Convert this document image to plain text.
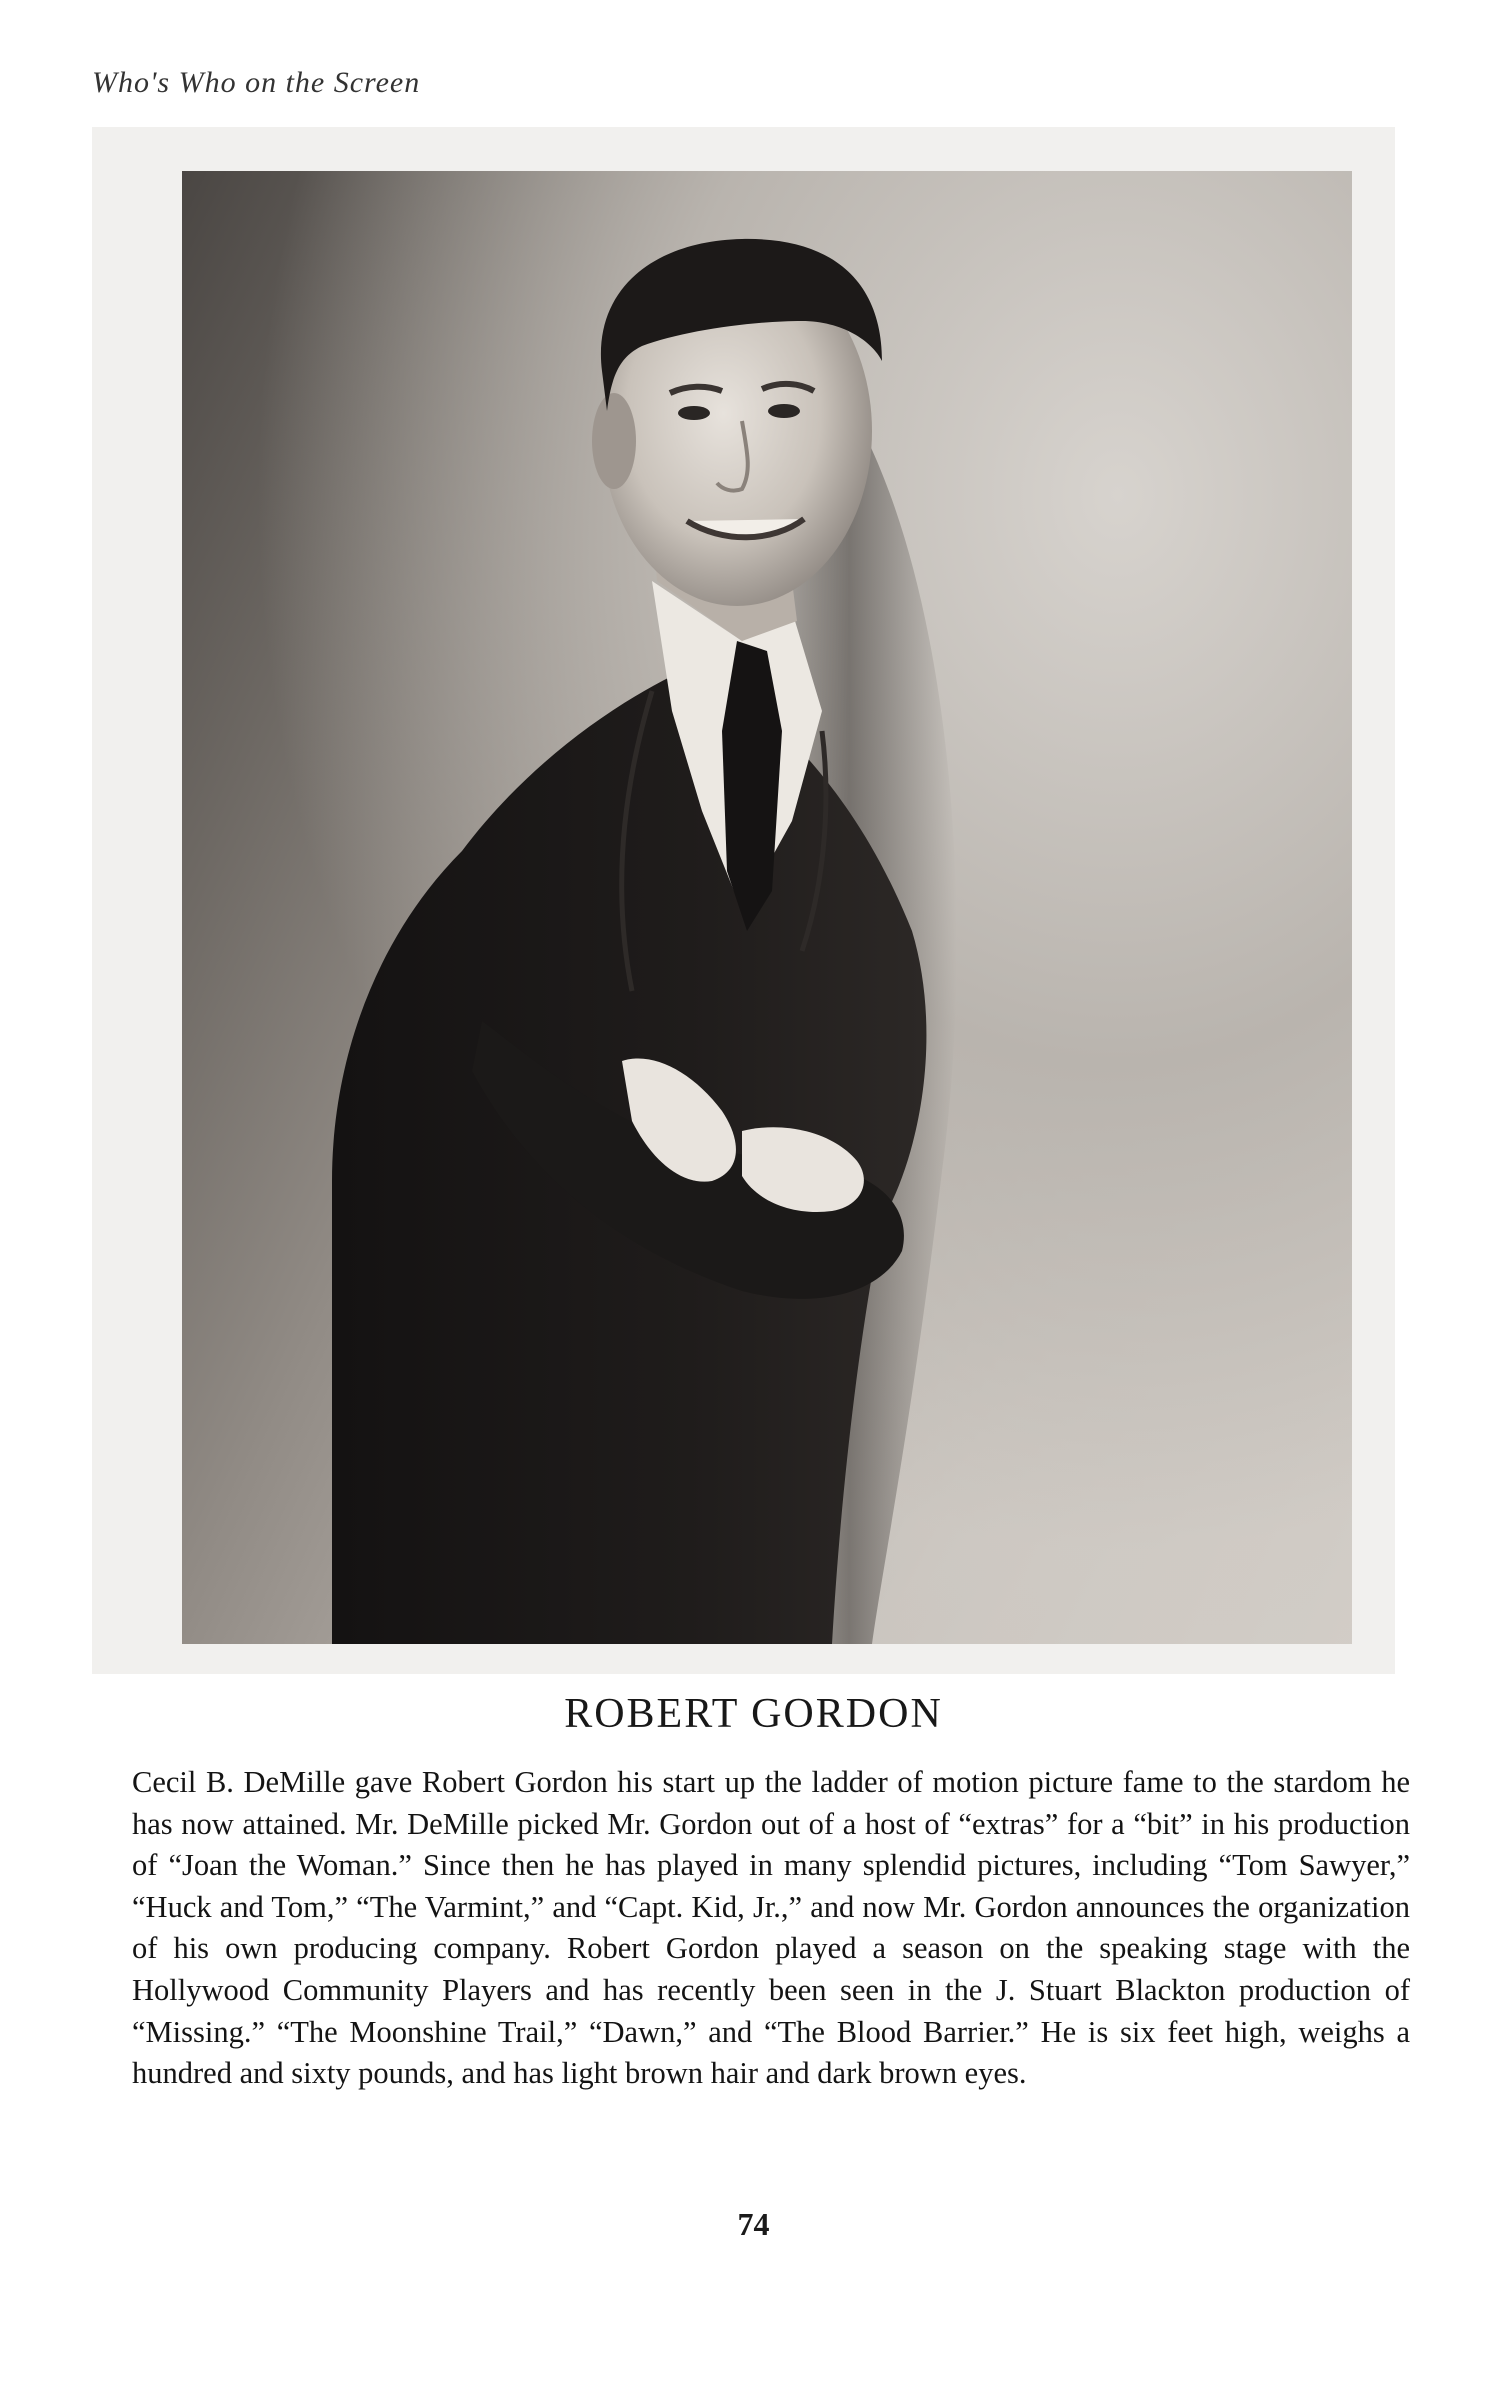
Who's Who on the Screen

ROBERT GORDON

Cecil B. DeMille gave Robert Gordon his start up the ladder of motion picture fame to the stardom he has now attained. Mr. DeMille picked Mr. Gordon out of a host of “extras” for a “bit” in his production of “Joan the Woman.” Since then he has played in many splendid pictures, including “Tom Sawyer,” “Huck and Tom,” “The Varmint,” and “Capt. Kid, Jr.,” and now Mr. Gordon announces the organization of his own producing company. Robert Gordon played a season on the speaking stage with the Hollywood Community Players and has recently been seen in the J. Stuart Blackton production of “Missing.” “The Moonshine Trail,” “Dawn,” and “The Blood Barrier.” He is six feet high, weighs a hundred and sixty pounds, and has light brown hair and dark brown eyes.

74
